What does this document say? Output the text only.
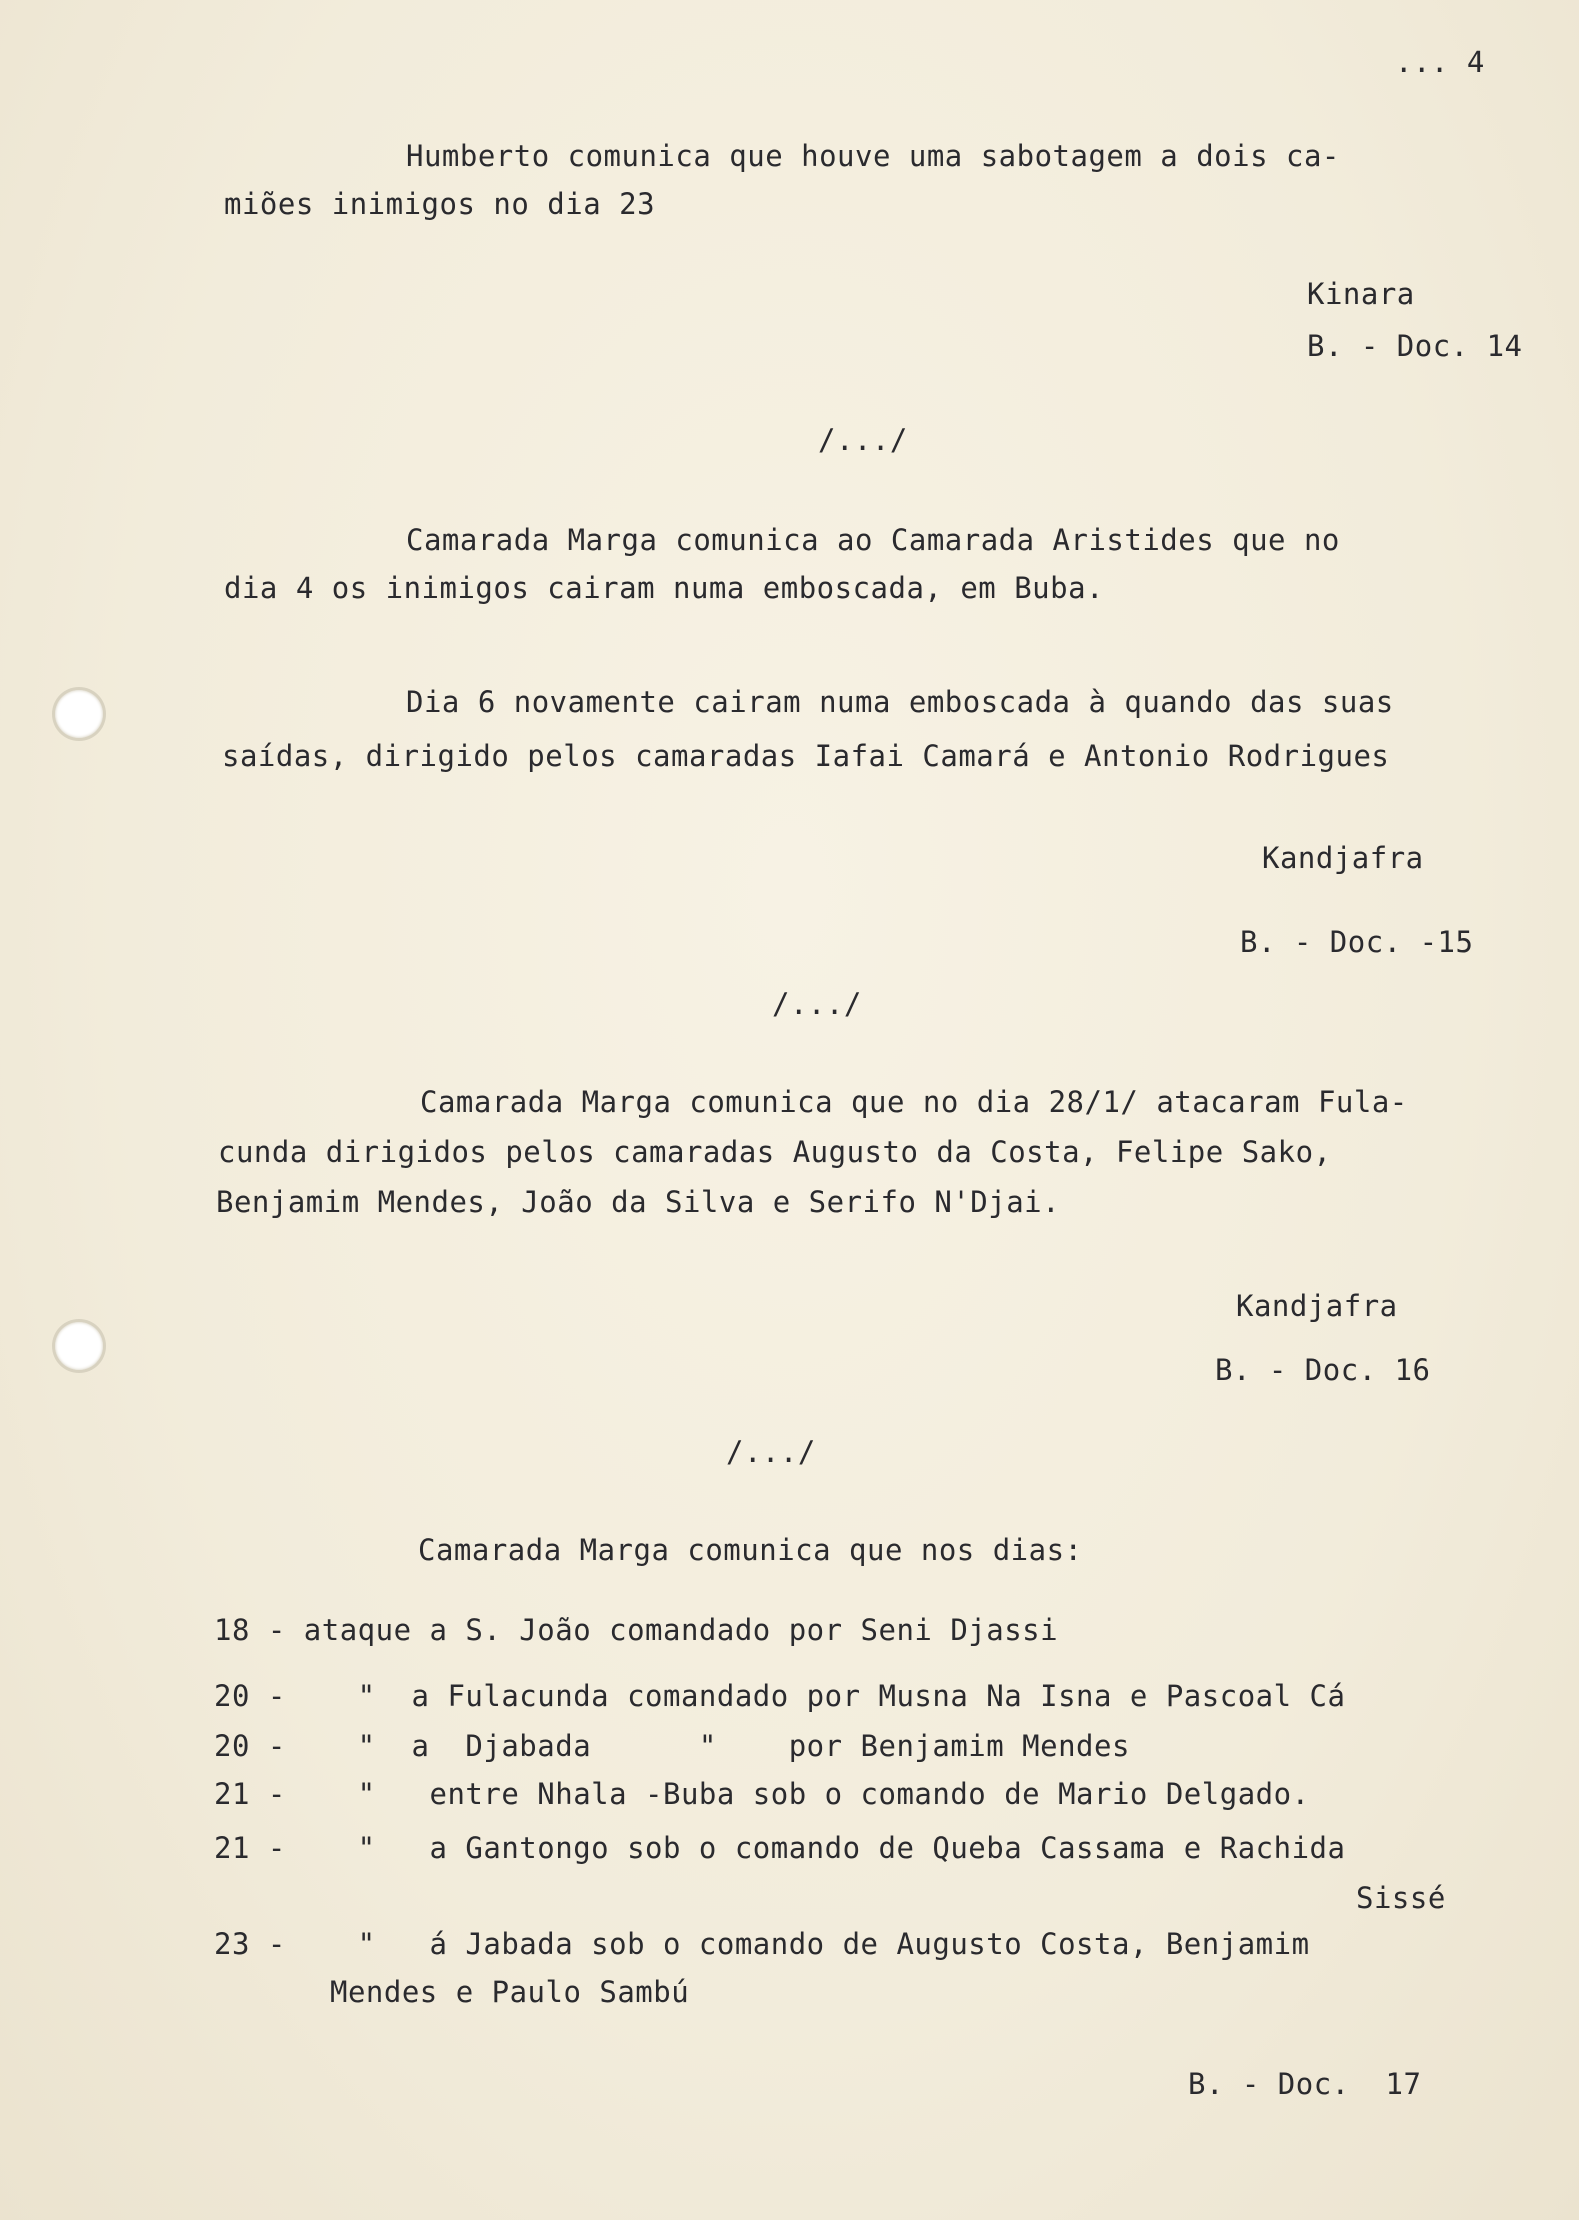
... 4
Humberto comunica que houve uma sabotagem a dois ca-
miões inimigos no dia 23
Kinara
B. - Doc. 14
/.../
Camarada Marga comunica ao Camarada Aristides que no
dia 4 os inimigos cairam numa emboscada, em Buba.
Dia 6 novamente cairam numa emboscada à quando das suas
saídas, dirigido pelos camaradas Iafai Camará e Antonio Rodrigues
Kandjafra
B. - Doc. -15
/.../
Camarada Marga comunica que no dia 28/1/ atacaram Fula-
cunda dirigidos pelos camaradas Augusto da Costa, Felipe Sako,
Benjamim Mendes, João da Silva e Serifo N'Djai.
Kandjafra
B. - Doc. 16
/.../
Camarada Marga comunica que nos dias:
18 - ataque a S. João comandado por Seni Djassi
20 -    "  a Fulacunda comandado por Musna Na Isna e Pascoal Cá
20 -    "  a  Djabada      "    por Benjamim Mendes
21 -    "   entre Nhala -Buba sob o comando de Mario Delgado.
21 -    "   a Gantongo sob o comando de Queba Cassama e Rachida
Sissé
23 -    "   á Jabada sob o comando de Augusto Costa, Benjamim
Mendes e Paulo Sambú
B. - Doc.  17
